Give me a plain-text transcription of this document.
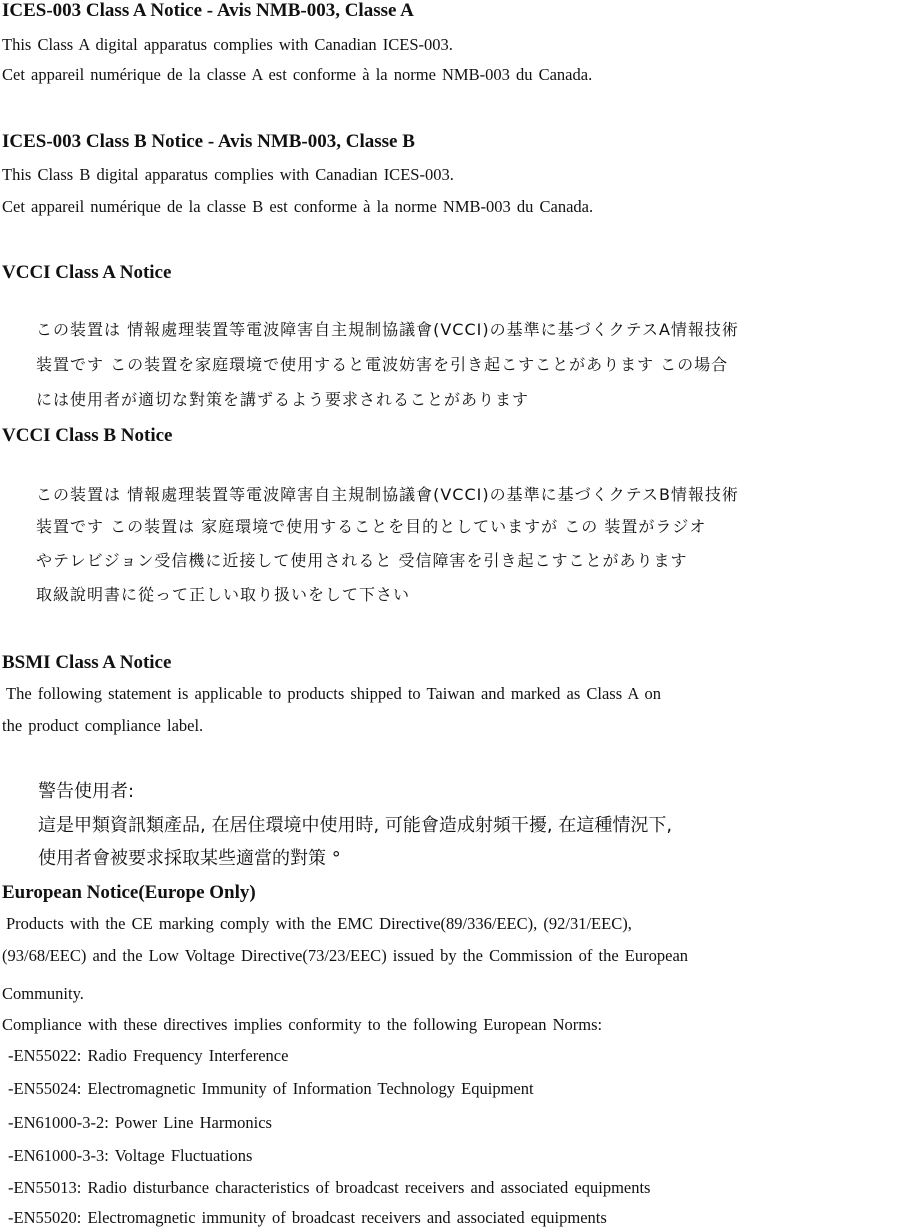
ICES-003 Class A Notice - Avis NMB-003, Classe A

This Class A digital apparatus complies with Canadian ICES-003.

Cet appareil numérique de la classe A est conforme à la norme NMB-003 du Canada.

ICES-003 Class B Notice - Avis NMB-003, Classe B

This Class B digital apparatus complies with Canadian ICES-003.

Cet appareil numérique de la classe B est conforme à la norme NMB-003 du Canada.

VCCI Class A Notice

この装置は 情報處理装置等電波障害自主規制協議會(VCCI)の基準に基づくクテスA情報技術

装置です この装置を家庭環境で使用すると電波妨害を引き起こすことがあります この場合

には使用者が適切な對策を講ずるよう要求されることがあります

VCCI Class B Notice

この装置は 情報處理装置等電波障害自主規制協議會(VCCI)の基準に基づくクテスB情報技術

装置です この装置は 家庭環境で使用することを目的としていますが この 装置がラジオ

やテレビジョン受信機に近接して使用されると 受信障害を引き起こすことがあります

取級說明書に從って正しい取り扱いをして下さい

BSMI Class A Notice

The following statement is applicable to products shipped to Taiwan and marked as Class A on

the product compliance label.

警告使用者:

這是甲類資訊類產品, 在居住環境中使用時, 可能會造成射頻干擾, 在這種情況下,

使用者會被要求採取某些適當的對策 °

European Notice(Europe Only)

Products with the CE marking comply with the EMC Directive(89/336/EEC), (92/31/EEC),

(93/68/EEC) and the Low Voltage Directive(73/23/EEC) issued by the Commission of the European

Community.

Compliance with these directives implies conformity to the following European Norms:

-EN55022: Radio Frequency Interference

-EN55024: Electromagnetic Immunity of Information Technology Equipment

-EN61000-3-2: Power Line Harmonics

-EN61000-3-3: Voltage Fluctuations

-EN55013: Radio disturbance characteristics of broadcast receivers and associated equipments

-EN55020: Electromagnetic immunity of broadcast receivers and associated equipments
